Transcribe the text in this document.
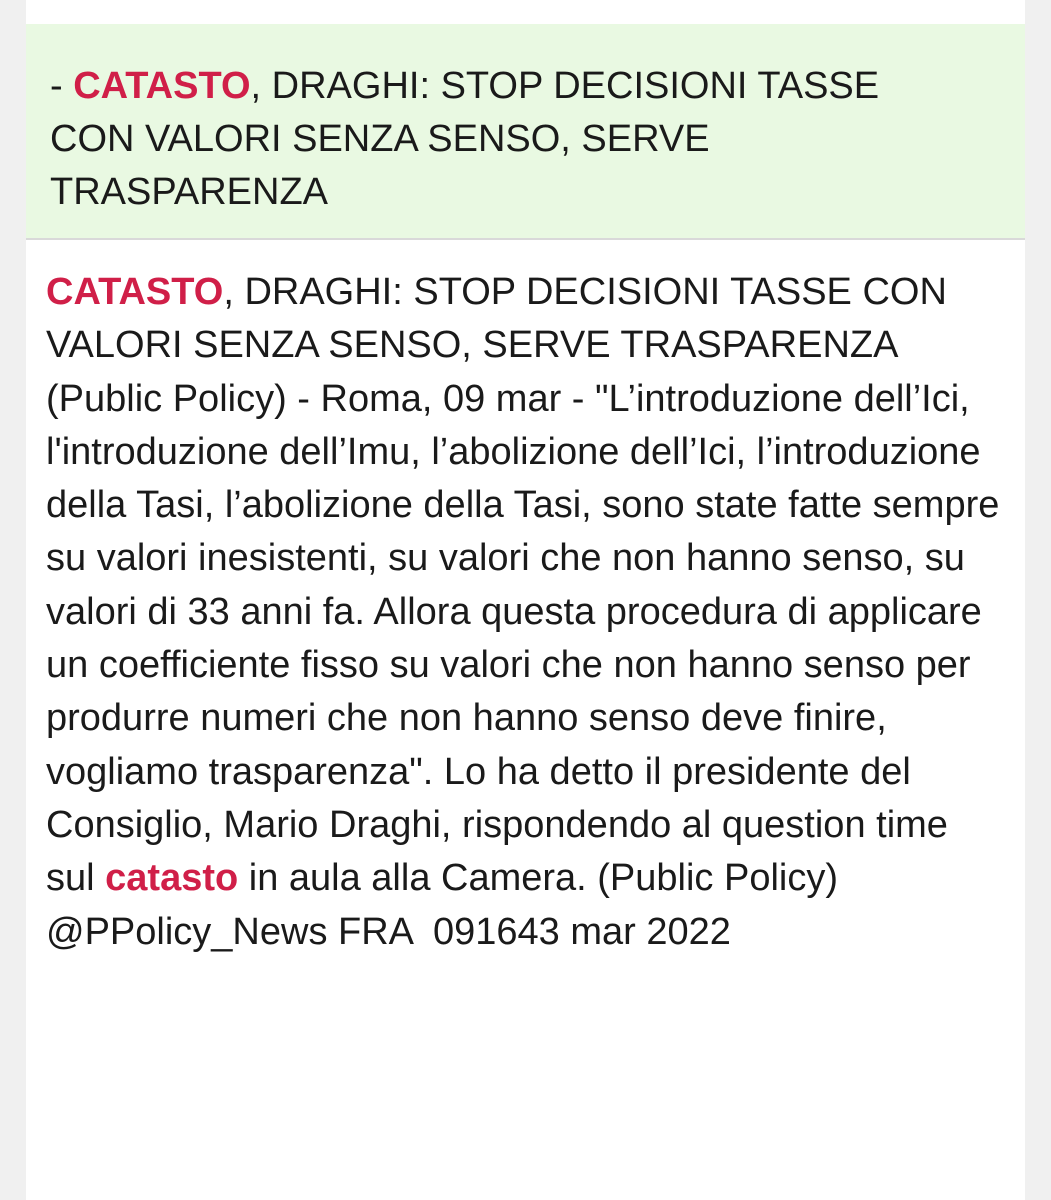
- CATASTO, DRAGHI: STOP DECISIONI TASSE CON VALORI SENZA SENSO, SERVE TRASPARENZA

CATASTO, DRAGHI: STOP DECISIONI TASSE CON VALORI SENZA SENSO, SERVE TRASPARENZA (Public Policy) - Roma, 09 mar - "L’introduzione dell’Ici, l'introduzione dell’Imu, l’abolizione dell’Ici, l’introduzione della Tasi, l’abolizione della Tasi, sono state fatte sempre su valori inesistenti, su valori che non hanno senso, su valori di 33 anni fa. Allora questa procedura di applicare un coefficiente fisso su valori che non hanno senso per produrre numeri che non hanno senso deve finire, vogliamo trasparenza". Lo ha detto il presidente del Consiglio, Mario Draghi, rispondendo al question time sul catasto in aula alla Camera. (Public Policy)
@PPolicy_News FRA  091643 mar 2022
